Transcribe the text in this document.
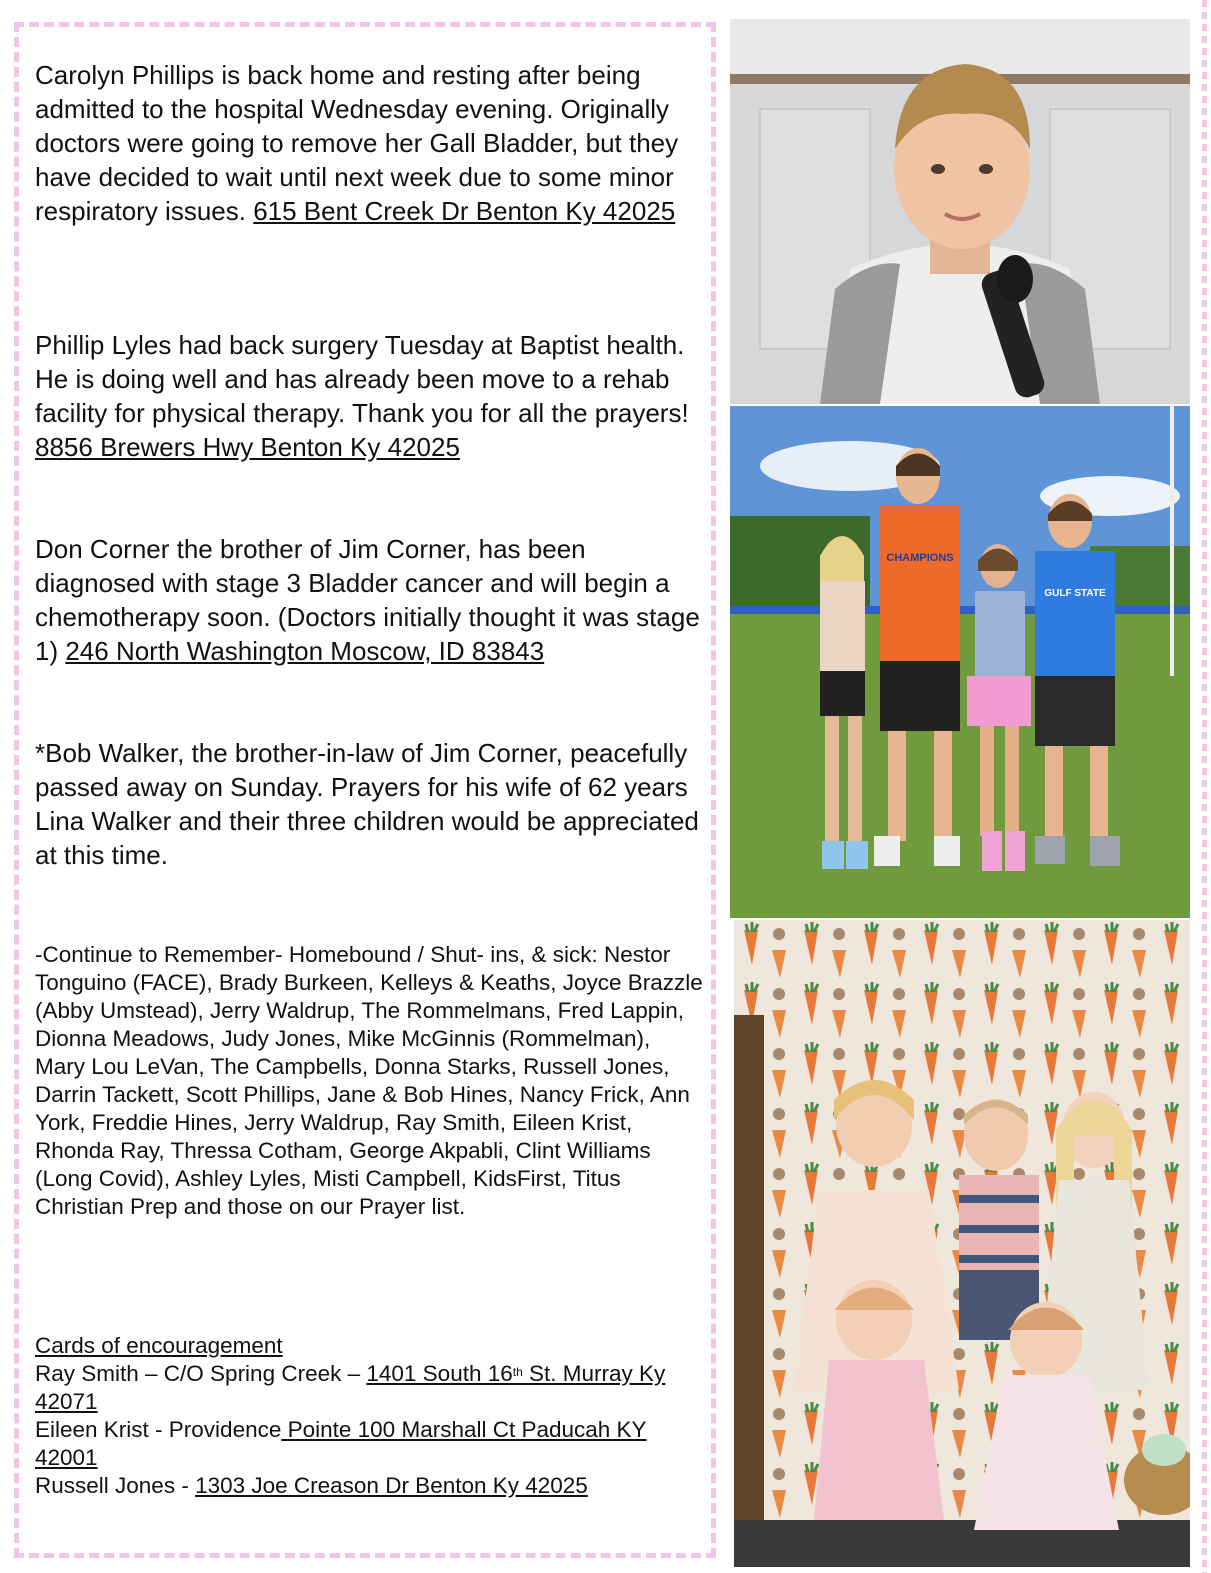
Carolyn Phillips is back home and resting after being admitted to the hospital Wednesday evening. Originally doctors were going to remove her Gall Bladder, but they have decided to wait until next week due to some minor respiratory issues. 615 Bent Creek Dr Benton Ky 42025

Phillip Lyles had back surgery Tuesday at Baptist health. He is doing well and has already been move to a rehab facility for physical therapy. Thank you for all the prayers! 8856 Brewers Hwy Benton Ky 42025

Don Corner the brother of Jim Corner, has been diagnosed with stage 3 Bladder cancer and will begin a chemotherapy soon. (Doctors initially thought it was stage 1) 246 North Washington Moscow, ID 83843

*Bob Walker, the brother-in-law of Jim Corner, peacefully passed away on Sunday. Prayers for his wife of 62 years Lina Walker and their three children would be appreciated at this time.

-Continue to Remember- Homebound / Shut- ins, & sick: Nestor Tonguino (FACE), Brady Burkeen, Kelleys & Keaths, Joyce Brazzle (Abby Umstead), Jerry Waldrup, The Rommelmans, Fred Lappin, Dionna Meadows, Judy Jones, Mike McGinnis (Rommelman), Mary Lou LeVan, The Campbells, Donna Starks, Russell Jones, Darrin Tackett, Scott Phillips, Jane & Bob Hines, Nancy Frick, Ann York, Freddie Hines, Jerry Waldrup, Ray Smith, Eileen Krist, Rhonda Ray, Thressa Cotham, George Akpabli, Clint Williams (Long Covid), Ashley Lyles, Misti Campbell, KidsFirst, Titus Christian Prep and those on our Prayer list.

Cards of encouragement
Ray Smith – C/O Spring Creek – 1401 South 16th St. Murray Ky 42071
Eileen Krist - Providence Pointe 100 Marshall Ct Paducah KY 42001
Russell Jones - 1303 Joe Creason Dr Benton Ky 42025
CHAMPIONS
GULF STATE
